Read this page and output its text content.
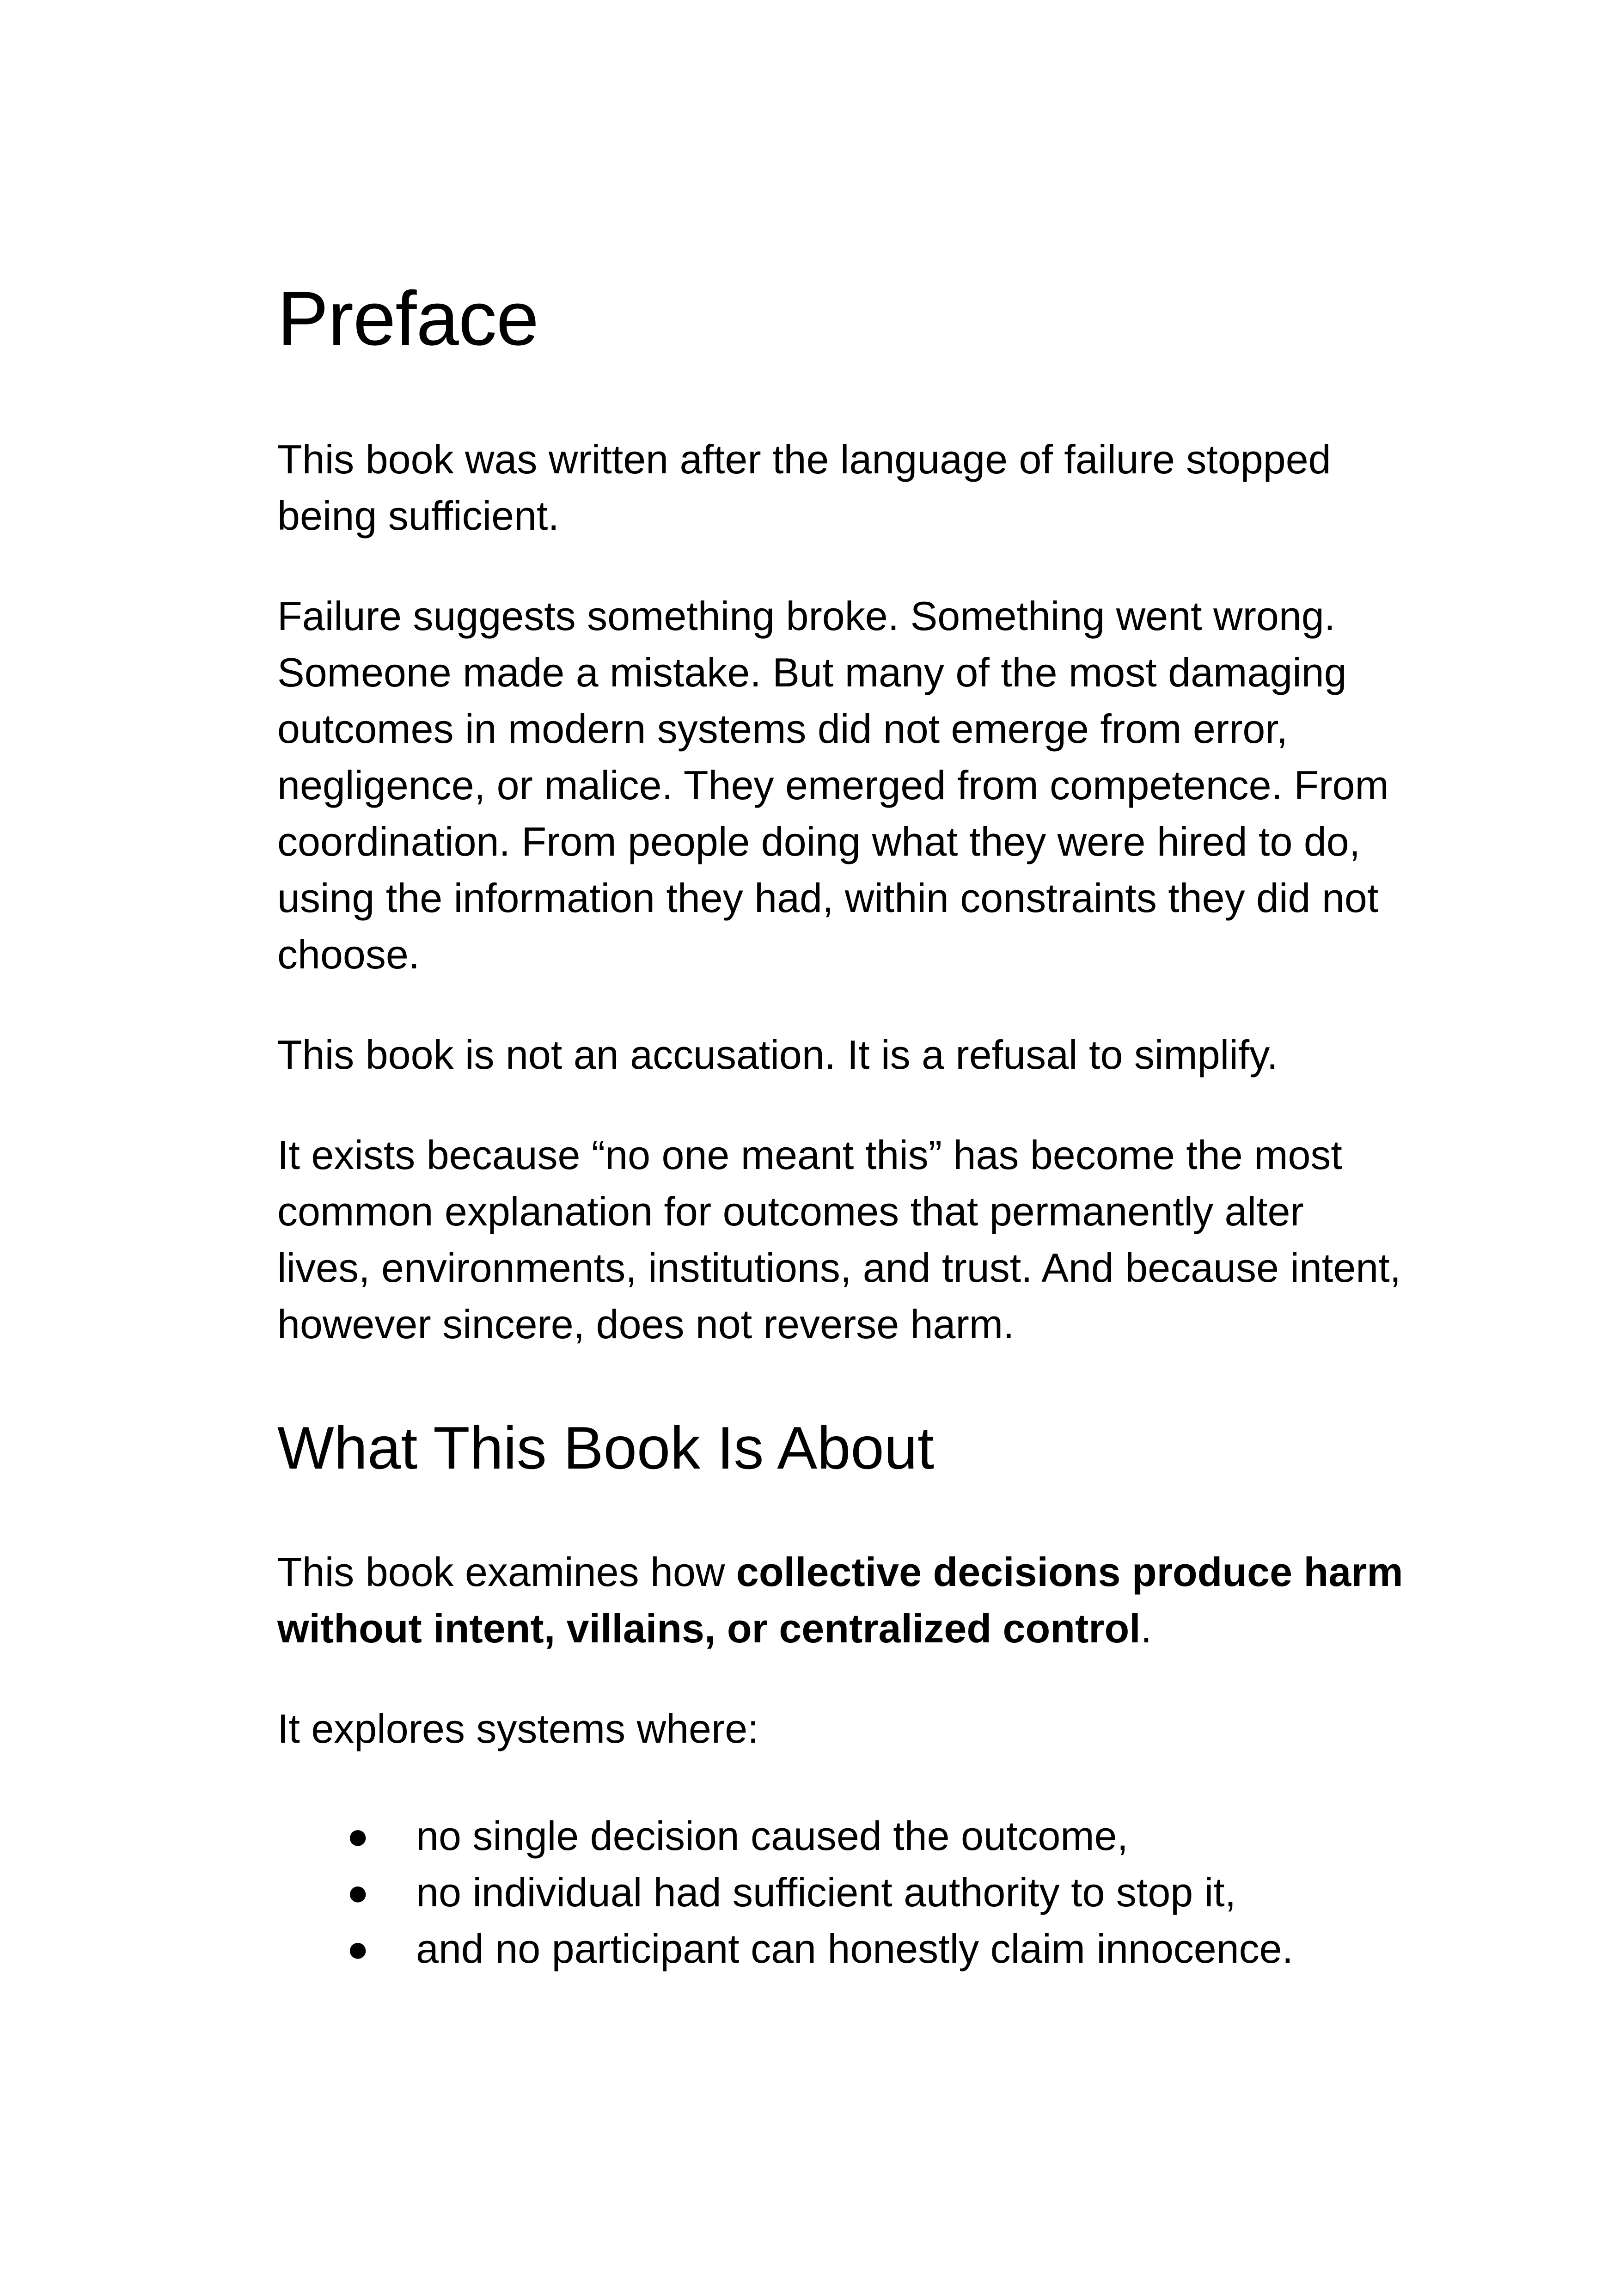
Preface

This book was written after the language of failure stopped being sufficient.

Failure suggests something broke. Something went wrong. Someone made a mistake. But many of the most damaging outcomes in modern systems did not emerge from error, negligence, or malice. They emerged from competence. From coordination. From people doing what they were hired to do, using the information they had, within constraints they did not choose.

This book is not an accusation. It is a refusal to simplify.

It exists because “no one meant this” has become the most common explanation for outcomes that permanently alter lives, environments, institutions, and trust. And because intent, however sincere, does not reverse harm.

What This Book Is About

This book examines how collective decisions produce harm without intent, villains, or centralized control.

It explores systems where:

● no single decision caused the outcome,
● no individual had sufficient authority to stop it,
● and no participant can honestly claim innocence.
